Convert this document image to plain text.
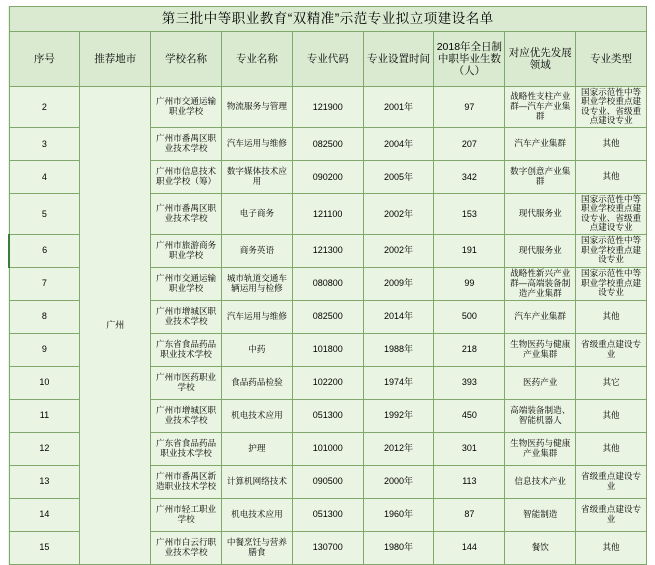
第三批中等职业教育“双精准”示范专业拟立项建设名单								
序号	推荐地市	学校名称	专业名称	专业代码	专业设置时间	2018年全日制中职毕业生数（人）	对应优先发展领域	专业类型
2	广州	广州市交通运输职业学校	物流服务与管理	121900	2001年	97	战略性支柱产业群—汽车产业集群	国家示范性中等职业学校重点建设专业、省级重点建设专业
3		广州市番禺区职业技术学校	汽车运用与维修	082500	2004年	207	汽车产业集群	其他
4		广州市信息技术职业学校（筹）	数字媒体技术应用	090200	2005年	342	数字创意产业集群	其他
5		广州市番禺区职业技术学校	电子商务	121100	2002年	153	现代服务业	国家示范性中等职业学校重点建设专业、省级重点建设专业
6		广州市旅游商务职业学校	商务英语	121300	2002年	191	现代服务业	国家示范性中等职业学校重点建设专业
7		广州市交通运输职业学校	城市轨道交通车辆运用与检修	080800	2009年	99	战略性新兴产业群—高端装备制造产业集群	国家示范性中等职业学校重点建设专业
8		广州市增城区职业技术学校	汽车运用与维修	082500	2014年	500	汽车产业集群	其他
9		广东省食品药品职业技术学校	中药	101800	1988年	218	生物医药与健康产业集群	省级重点建设专业
10		广州市医药职业学校	食品药品检验	102200	1974年	393	医药产业	其它
11		广州市增城区职业技术学校	机电技术应用	051300	1992年	450	高端装备制造、智能机器人	其他
12		广东省食品药品职业技术学校	护理	101000	2012年	301	生物医药与健康产业集群	其他
13		广州市番禺区新造职业技术学校	计算机网络技术	090500	2000年	113	信息技术产业	省级重点建设专业
14		广州市轻工职业学校	机电技术应用	051300	1960年	87	智能制造	省级重点建设专业
15		广州市白云行职业技术学校	中餐烹饪与营养膳食	130700	1980年	144	餐饮	其他
